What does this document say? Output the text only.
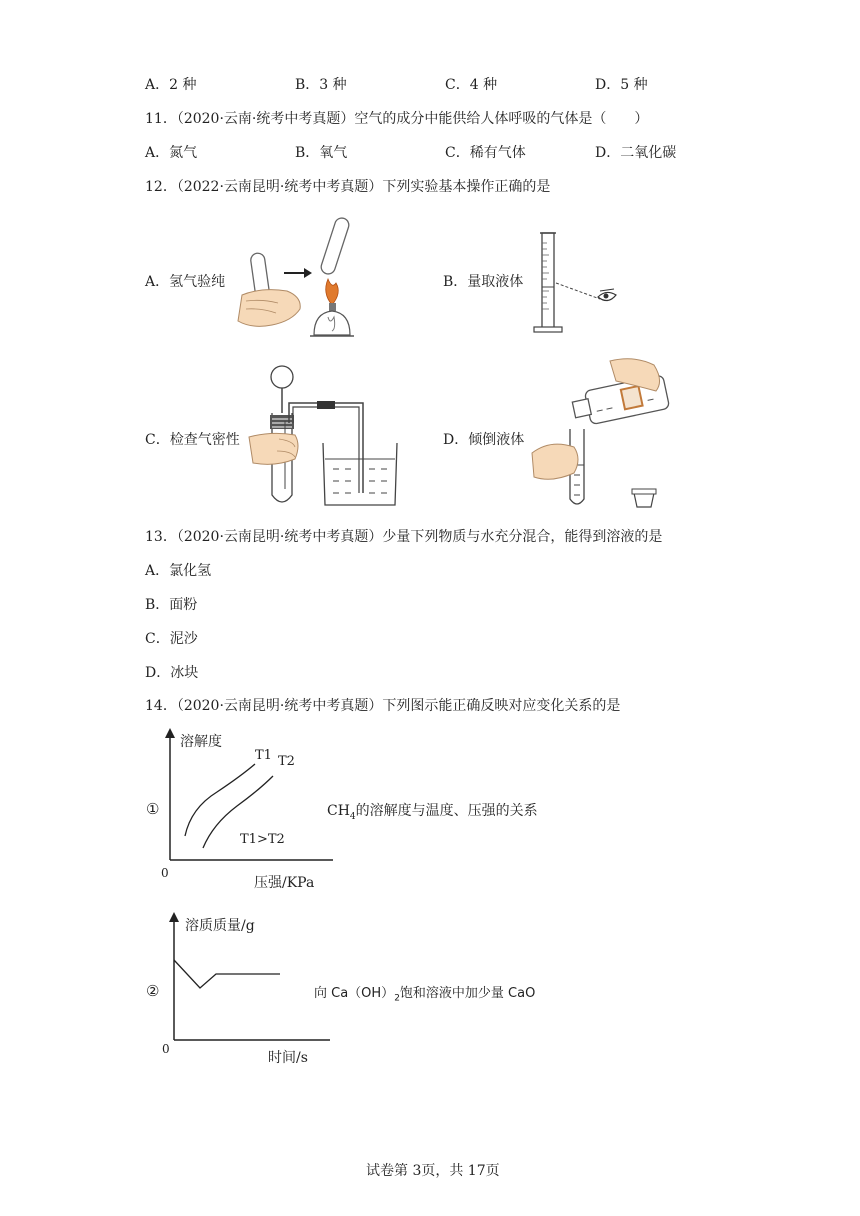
A．2 种	B．3 种	C．4 种	D．5 种
11．（2020·云南·统考中考真题）空气的成分中能供给人体呼吸的气体是（　　）
A．氮气	B．氧气	C．稀有气体	D．二氧化碳
12．（2022·云南昆明·统考中考真题）下列实验基本操作正确的是
A．氢气验纯	B．量取液体
C．检查气密性	D．倾倒液体
13．（2020·云南昆明·统考中考真题）少量下列物质与水充分混合，能得到溶液的是
A．氯化氢
B．面粉
C．泥沙
D．冰块
14．（2020·云南昆明·统考中考真题）下列图示能正确反映对应变化关系的是
①
溶解度
T1 T2
T1>T2
0
压强/KPa
$CH_4$的溶解度与温度、压强的关系
②
溶质质量/g
0
时间/s
向 $Ca(OH)_2$饱和溶液中加少量 CaO
试卷第 3页，共 17页
